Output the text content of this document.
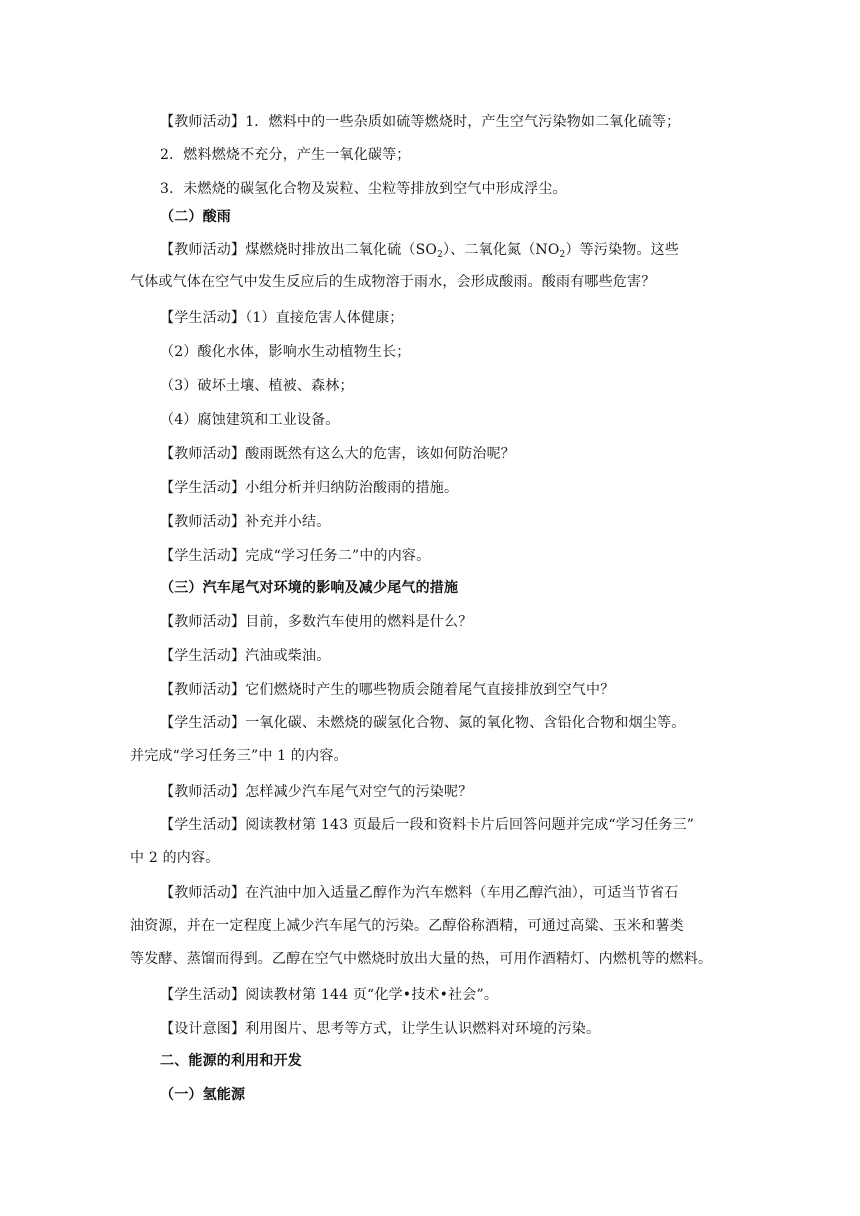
【教师活动】1．燃料中的一些杂质如硫等燃烧时，产生空气污染物如二氧化硫等；
2．燃料燃烧不充分，产生一氧化碳等；
3．未燃烧的碳氢化合物及炭粒、尘粒等排放到空气中形成浮尘。
（二）酸雨
【教师活动】煤燃烧时排放出二氧化硫$(SO_2)$、二氧化氮$(NO_2)$等污染物。这些
气体或气体在空气中发生反应后的生成物溶于雨水，会形成酸雨。酸雨有哪些危害？
【学生活动】（1）直接危害人体健康；
（2）酸化水体，影响水生动植物生长；
（3）破坏土壤、植被、森林；
（4）腐蚀建筑和工业设备。
【教师活动】酸雨既然有这么大的危害，该如何防治呢？
【学生活动】小组分析并归纳防治酸雨的措施。
【教师活动】补充并小结。
【学生活动】完成“学习任务二”中的内容。
（三）汽车尾气对环境的影响及减少尾气的措施
【教师活动】目前，多数汽车使用的燃料是什么？
【学生活动】汽油或柴油。
【教师活动】它们燃烧时产生的哪些物质会随着尾气直接排放到空气中？
【学生活动】一氧化碳、未燃烧的碳氢化合物、氮的氧化物、含铅化合物和烟尘等。
并完成“学习任务三”中 1 的内容。
【教师活动】怎样减少汽车尾气对空气的污染呢？
【学生活动】阅读教材第 143 页最后一段和资料卡片后回答问题并完成“学习任务三”
中 2 的内容。
【教师活动】在汽油中加入适量乙醇作为汽车燃料（车用乙醇汽油），可适当节省石
油资源，并在一定程度上减少汽车尾气的污染。乙醇俗称酒精，可通过高粱、玉米和薯类
等发酵、蒸馏而得到。乙醇在空气中燃烧时放出大量的热，可用作酒精灯、内燃机等的燃料。
【学生活动】阅读教材第 144 页“化学•技术•社会”。
【设计意图】利用图片、思考等方式，让学生认识燃料对环境的污染。
二、能源的利用和开发
（一）氢能源
